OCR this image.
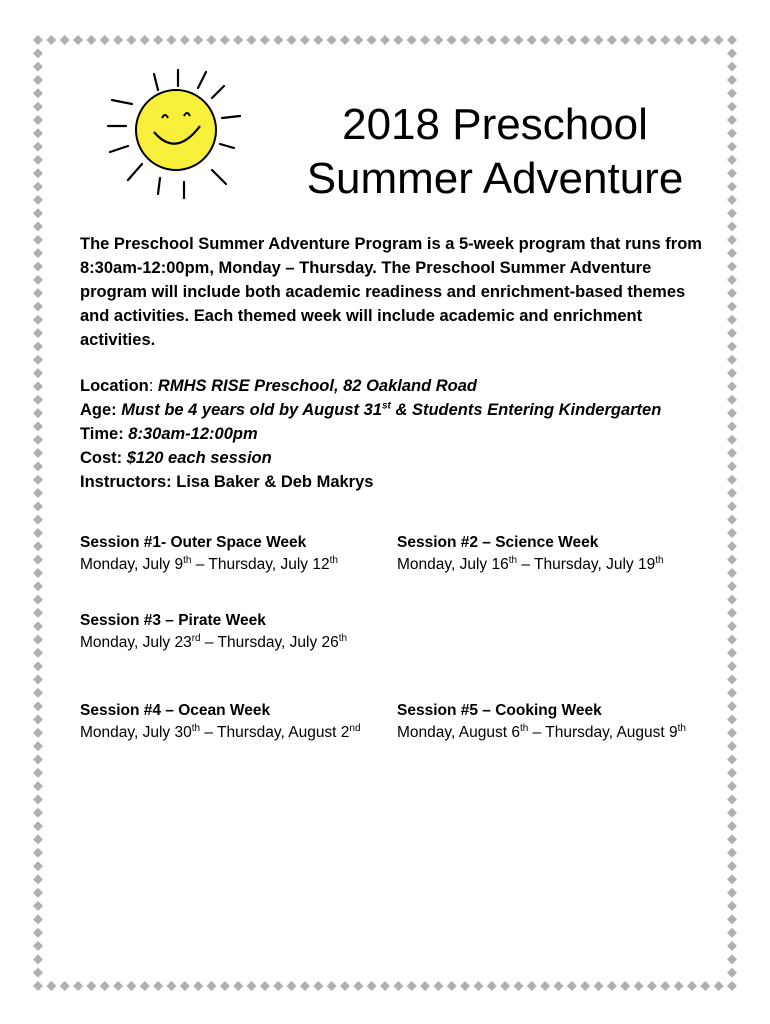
2018 Preschool
Summer Adventure

The Preschool Summer Adventure Program is a 5-week program that runs from 8:30am-12:00pm, Monday – Thursday. The Preschool Summer Adventure program will include both academic readiness and enrichment-based themes and activities. Each themed week will include academic and enrichment activities.

Location: RMHS RISE Preschool, 82 Oakland Road
Age: Must be 4 years old by August 31st & Students Entering Kindergarten
Time: 8:30am-12:00pm
Cost: $120 each session
Instructors: Lisa Baker & Deb Makrys
Session #1- Outer Space Week
Monday, July 9th – Thursday, July 12th
Session #2 – Science Week
Monday, July 16th – Thursday, July 19th
Session #3 – Pirate Week
Monday, July 23rd – Thursday, July 26th
Session #4 – Ocean Week
Monday, July 30th – Thursday, August 2nd
Session #5 – Cooking Week
Monday, August 6th – Thursday, August 9th
